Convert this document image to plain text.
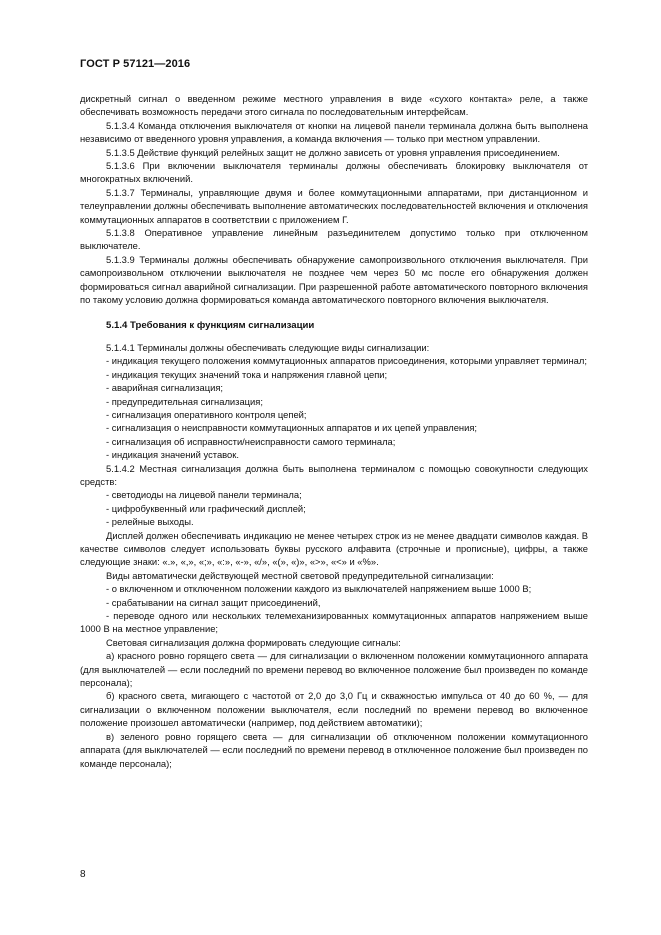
ГОСТ Р 57121—2016

дискретный сигнал о введенном режиме местного управления в виде «сухого контакта» реле, а также обеспечивать возможность передачи этого сигнала по последовательным интерфейсам.

5.1.3.4 Команда отключения выключателя от кнопки на лицевой панели терминала должна быть выполнена независимо от введенного уровня управления, а команда включения — только при местном управлении.

5.1.3.5 Действие функций релейных защит не должно зависеть от уровня управления присоединением.

5.1.3.6 При включении выключателя терминалы должны обеспечивать блокировку выключателя от многократных включений.

5.1.3.7 Терминалы, управляющие двумя и более коммутационными аппаратами, при дистанционном и телеуправлении должны обеспечивать выполнение автоматических последовательностей включения и отключения коммутационных аппаратов в соответствии с приложением Г.

5.1.3.8 Оперативное управление линейным разъединителем допустимо только при отключенном выключателе.

5.1.3.9 Терминалы должны обеспечивать обнаружение самопроизвольного отключения выключателя. При самопроизвольном отключении выключателя не позднее чем через 50 мс после его обнаружения должен формироваться сигнал аварийной сигнализации. При разрешенной работе автоматического повторного включения по такому условию должна формироваться команда автоматического повторного включения выключателя.

5.1.4 Требования к функциям сигнализации

5.1.4.1 Терминалы должны обеспечивать следующие виды сигнализации:

- индикация текущего положения коммутационных аппаратов присоединения, которыми управляет терминал;

- индикация текущих значений тока и напряжения главной цепи;

- аварийная сигнализация;

- предупредительная сигнализация;

- сигнализация оперативного контроля цепей;

- сигнализация о неисправности коммутационных аппаратов и их цепей управления;

- сигнализация об исправности/неисправности самого терминала;

- индикация значений уставок.

5.1.4.2 Местная сигнализация должна быть выполнена терминалом с помощью совокупности следующих средств:

- светодиоды на лицевой панели терминала;

- цифробуквенный или графический дисплей;

- релейные выходы.

Дисплей должен обеспечивать индикацию не менее четырех строк из не менее двадцати символов каждая. В качестве символов следует использовать буквы русского алфавита (строчные и прописные), цифры, а также следующие знаки: «.», «,», «;», «:», «-», «/», «(», «)», «>», «<» и «%».

Виды автоматически действующей местной световой предупредительной сигнализации:

- о включенном и отключенном положении каждого из выключателей напряжением выше 1000 В;

- срабатывании на сигнал защит присоединений,

- переводе одного или нескольких телемеханизированных коммутационных аппаратов напряжением выше 1000 В на местное управление;

Световая сигнализация должна формировать следующие сигналы:

а) красного ровно горящего света — для сигнализации о включенном положении коммутационного аппарата (для выключателей — если последний по времени перевод во включенное положение был произведен по команде персонала);

б) красного света, мигающего с частотой от 2,0 до 3,0 Гц и скважностью импульса от 40 до 60 %, — для сигнализации о включенном положении выключателя, если последний по времени перевод во включенное положение произошел автоматически (например, под действием автоматики);

в) зеленого ровно горящего света — для сигнализации об отключенном положении коммутационного аппарата (для выключателей — если последний по времени перевод в отключенное положение был произведен по команде персонала);

8
